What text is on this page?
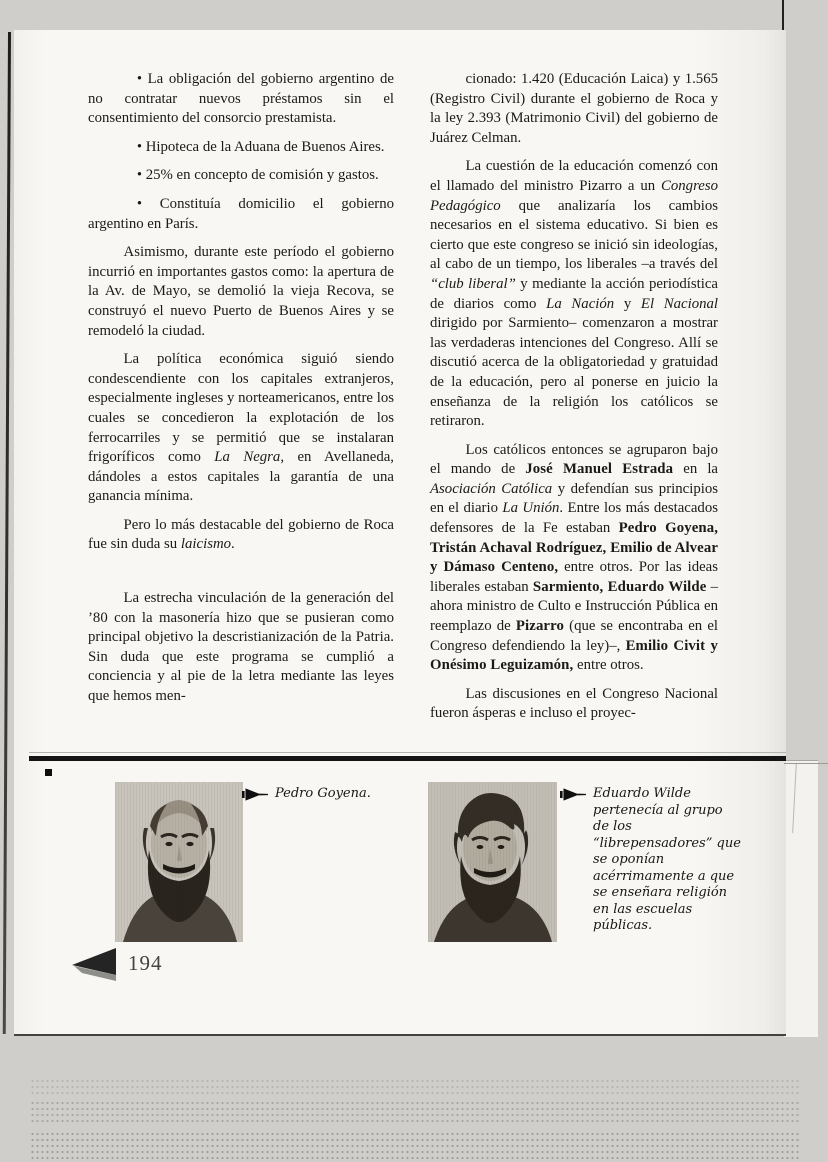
• La obligación del gobierno argentino de no contratar nuevos préstamos sin el consentimiento del consorcio prestamista.

• Hipoteca de la Aduana de Buenos Aires.

• 25% en concepto de comisión y gastos.

• Constituía domicilio el gobierno argentino en París.

Asimismo, durante este período el gobierno incurrió en importantes gastos como: la apertura de la Av. de Mayo, se demolió la vieja Recova, se construyó el nuevo Puerto de Buenos Aires y se remodeló la ciudad.

La política económica siguió siendo condescendiente con los capitales extranjeros, especialmente ingleses y norteamericanos, entre los cuales se concedieron la explotación de los ferrocarriles y se permitió que se instalaran frigoríficos como La Negra, en Avellaneda, dándoles a estos capitales la garantía de una ganancia mínima.

Pero lo más destacable del gobierno de Roca fue sin duda su laicismo.

La estrecha vinculación de la generación del ’80 con la masonería hizo que se pusieran como principal objetivo la descristianización de la Patria. Sin duda que este programa se cumplió a conciencia y al pie de la letra mediante las leyes que hemos men-

cionado: 1.420 (Educación Laica) y 1.565 (Registro Civil) durante el gobierno de Roca y la ley 2.393 (Matrimonio Civil) del gobierno de Juárez Celman.

La cuestión de la educación comenzó con el llamado del ministro Pizarro a un Congreso Pedagógico que analizaría los cambios necesarios en el sistema educativo. Si bien es cierto que este congreso se inició sin ideologías, al cabo de un tiempo, los liberales –a través del “club liberal” y mediante la acción periodística de diarios como La Nación y El Nacional dirigido por Sarmiento– comenzaron a mostrar las verdaderas intenciones del Congreso. Allí se discutió acerca de la obligatoriedad y gratuidad de la educación, pero al ponerse en juicio la enseñanza de la religión los católicos se retiraron.

Los católicos entonces se agruparon bajo el mando de José Manuel Estrada en la Asociación Católica y defendían sus principios en el diario La Unión. Entre los más destacados defensores de la Fe estaban Pedro Goyena, Tristán Achaval Rodríguez, Emilio de Alvear y Dámaso Centeno, entre otros. Por las ideas liberales estaban Sarmiento, Eduardo Wilde –ahora ministro de Culto e Instrucción Pública en reemplazo de Pizarro (que se encontraba en el Congreso defendiendo la ley)–, Emilio Civit y Onésimo Leguizamón, entre otros.

Las discusiones en el Congreso Nacional fueron ásperas e incluso el proyec-

Pedro Goyena.	Eduardo Wilde pertenecía al grupo de los “librepensadores” que se oponían acérrimamente a que se enseñara religión en las escuelas públicas.
194
